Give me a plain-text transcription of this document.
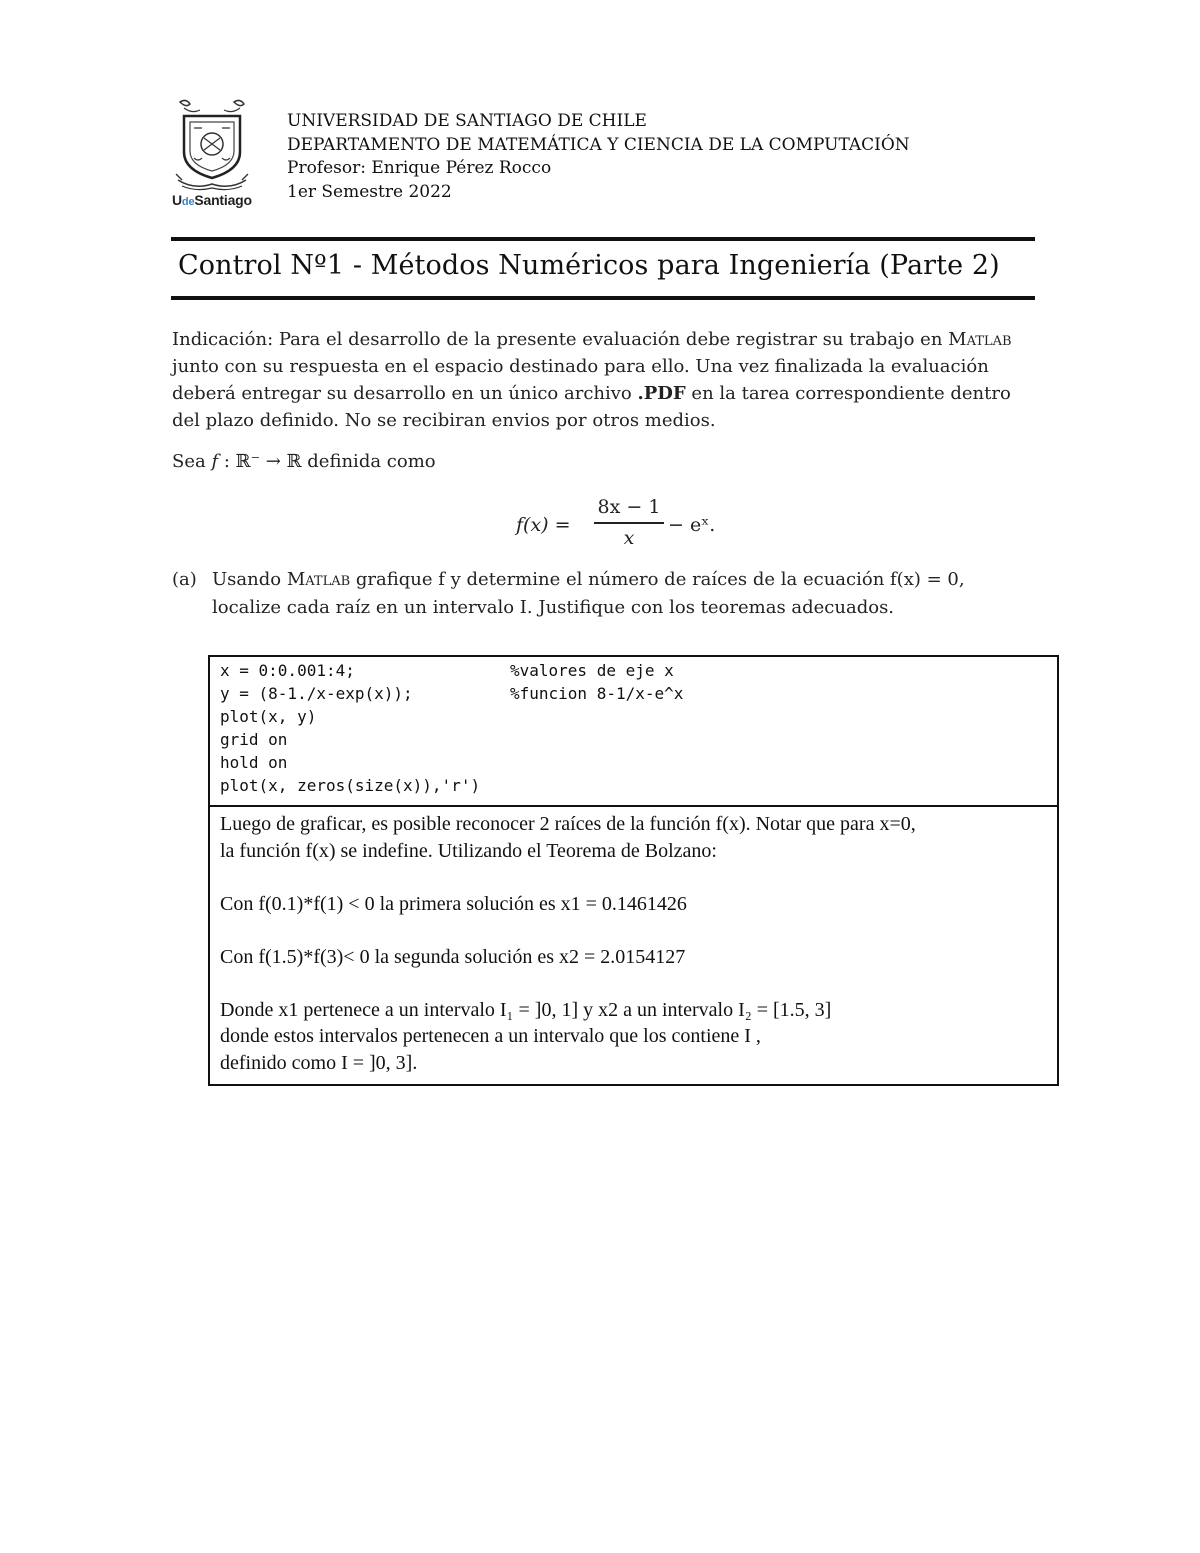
UdeSantiago
UNIVERSIDAD DE SANTIAGO DE CHILE
DEPARTAMENTO DE MATEMÁTICA Y CIENCIA DE LA COMPUTACIÓN
Profesor: Enrique Pérez Rocco
1er Semestre 2022
Control Nº1 - Métodos Numéricos para Ingeniería (Parte 2)
Indicación: Para el desarrollo de la presente evaluación debe registrar su trabajo en Matlab
junto con su respuesta en el espacio destinado para ello. Una vez finalizada la evaluación
deberá entregar su desarrollo en un único archivo .PDF en la tarea correspondiente dentro
del plazo definido. No se recibiran envios por otros medios.
Sea f : ℝ⁻ → ℝ definida como
f(x) =
8x − 1
x
− eˣ.
(a) Usando Matlab grafique f y determine el número de raíces de la ecuación f(x) = 0,
localize cada raíz en un intervalo I. Justifique con los teoremas adecuados.
x = 0:0.001:4;	%valores de eje x
y = (8-1./x-exp(x));	%funcion 8-1/x-e^x
plot(x, y)
grid on
hold on
plot(x, zeros(size(x)),'r')
Luego de graficar, es posible reconocer 2 raíces de la función f(x). Notar que para x=0,
la función f(x) se indefine. Utilizando el Teorema de Bolzano:
Con f(0.1)*f(1) < 0 la primera solución es x1 = 0.1461426
Con f(1.5)*f(3)< 0 la segunda solución es x2 = 2.0154127
Donde x1 pertenece a un intervalo I₁ = ]0, 1] y x2 a un intervalo I₂ = [1.5, 3]
donde estos intervalos pertenecen a un intervalo que los contiene I ,
definido como I = ]0, 3].
